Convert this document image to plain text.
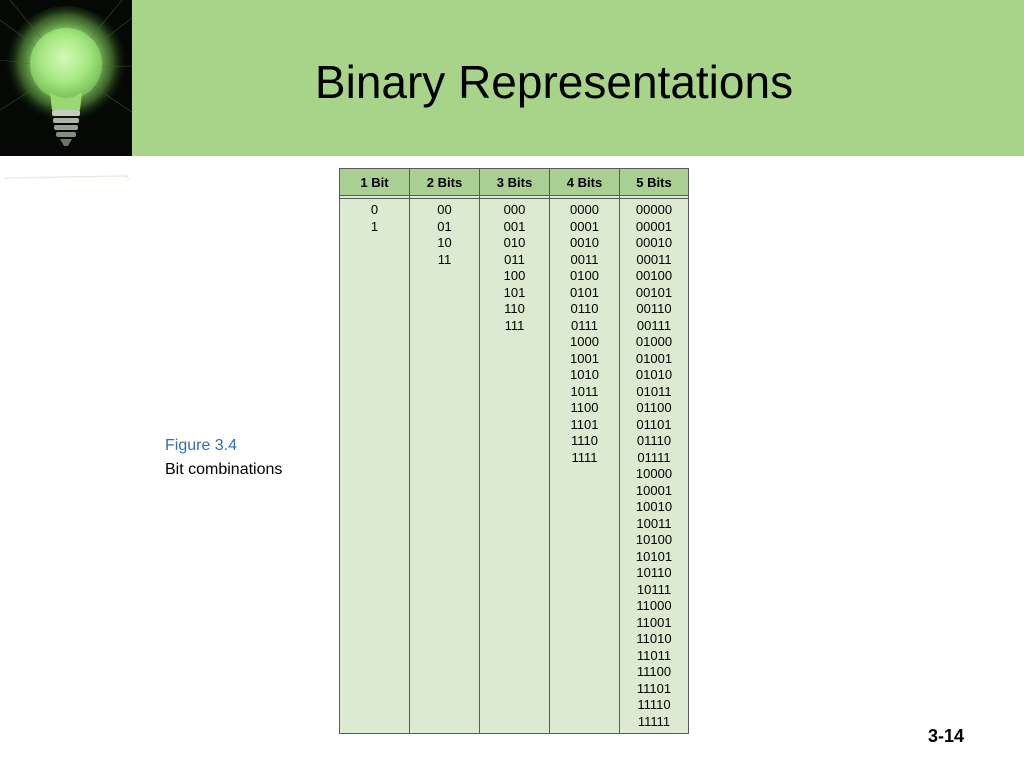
Binary Representations
Figure 3.4
Bit combinations
1 Bit
0
1
2 Bits
00
01
10
11
3 Bits
000
001
010
011
100
101
110
111
4 Bits
0000
0001
0010
0011
0100
0101
0110
0111
1000
1001
1010
1011
1100
1101
1110
1111
5 Bits
00000
00001
00010
00011
00100
00101
00110
00111
01000
01001
01010
01011
01100
01101
01110
01111
10000
10001
10010
10011
10100
10101
10110
10111
11000
11001
11010
11011
11100
11101
11110
11111
3-14
